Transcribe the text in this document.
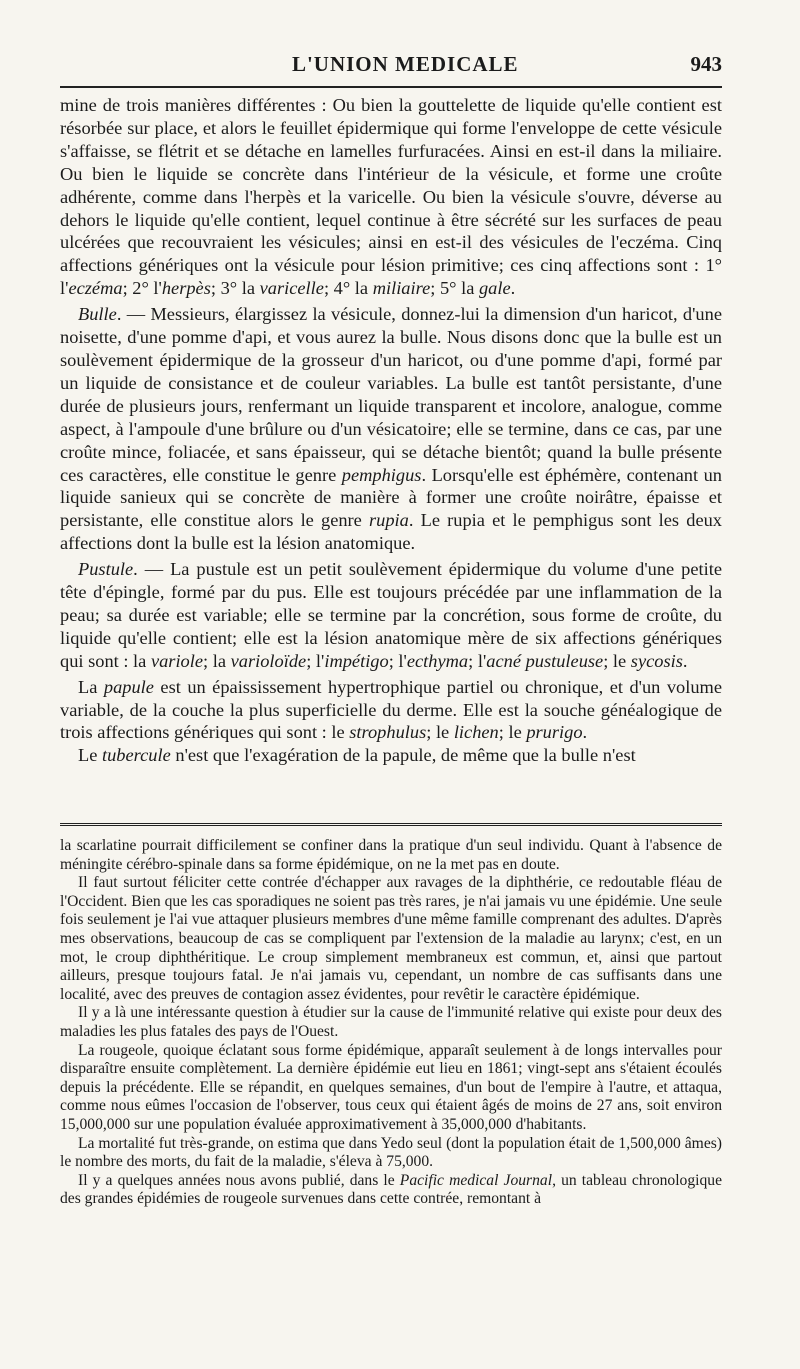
L'UNION MEDICALE	943

mine de trois manières différentes : Ou bien la gouttelette de liquide qu'elle contient est résorbée sur place, et alors le feuillet épidermique qui forme l'enveloppe de cette vésicule s'affaisse, se flétrit et se détache en lamelles furfuracées. Ainsi en est-il dans la miliaire. Ou bien le liquide se concrète dans l'intérieur de la vésicule, et forme une croûte adhérente, comme dans l'herpès et la varicelle. Ou bien la vésicule s'ouvre, déverse au dehors le liquide qu'elle contient, lequel continue à être sécrété sur les surfaces de peau ulcérées que recouvraient les vésicules; ainsi en est-il des vésicules de l'eczéma. Cinq affections génériques ont la vésicule pour lésion primitive; ces cinq affections sont : 1° l'eczéma; 2° l'herpès; 3° la varicelle; 4° la miliaire; 5° la gale.

Bulle. — Messieurs, élargissez la vésicule, donnez-lui la dimension d'un haricot, d'une noisette, d'une pomme d'api, et vous aurez la bulle. Nous disons donc que la bulle est un soulèvement épidermique de la grosseur d'un haricot, ou d'une pomme d'api, formé par un liquide de consistance et de couleur variables. La bulle est tantôt persistante, d'une durée de plusieurs jours, renfermant un liquide transparent et incolore, analogue, comme aspect, à l'ampoule d'une brûlure ou d'un vésicatoire; elle se termine, dans ce cas, par une croûte mince, foliacée, et sans épaisseur, qui se détache bientôt; quand la bulle présente ces caractères, elle constitue le genre pemphigus. Lorsqu'elle est éphémère, contenant un liquide sanieux qui se concrète de manière à former une croûte noirâtre, épaisse et persistante, elle constitue alors le genre rupia. Le rupia et le pemphigus sont les deux affections dont la bulle est la lésion anatomique.

Pustule. — La pustule est un petit soulèvement épidermique du volume d'une petite tête d'épingle, formé par du pus. Elle est toujours précédée par une inflammation de la peau; sa durée est variable; elle se termine par la concrétion, sous forme de croûte, du liquide qu'elle contient; elle est la lésion anatomique mère de six affections génériques qui sont : la variole; la varioloïde; l'impétigo; l'ecthyma; l'acné pustuleuse; le sycosis.

La papule est un épaississement hypertrophique partiel ou chronique, et d'un volume variable, de la couche la plus superficielle du derme. Elle est la souche généalogique de trois affections génériques qui sont : le strophulus; le lichen; le prurigo.

Le tubercule n'est que l'exagération de la papule, de même que la bulle n'est

la scarlatine pourrait difficilement se confiner dans la pratique d'un seul individu. Quant à l'absence de méningite cérébro-spinale dans sa forme épidémique, on ne la met pas en doute.

Il faut surtout féliciter cette contrée d'échapper aux ravages de la diphthérie, ce redoutable fléau de l'Occident. Bien que les cas sporadiques ne soient pas très rares, je n'ai jamais vu une épidémie. Une seule fois seulement je l'ai vue attaquer plusieurs membres d'une même famille comprenant des adultes. D'après mes observations, beaucoup de cas se compliquent par l'extension de la maladie au larynx; c'est, en un mot, le croup diphthéritique. Le croup simplement membraneux est commun, et, ainsi que partout ailleurs, presque toujours fatal. Je n'ai jamais vu, cependant, un nombre de cas suffisants dans une localité, avec des preuves de contagion assez évidentes, pour revêtir le caractère épidémique.

Il y a là une intéressante question à étudier sur la cause de l'immunité relative qui existe pour deux des maladies les plus fatales des pays de l'Ouest.

La rougeole, quoique éclatant sous forme épidémique, apparaît seulement à de longs intervalles pour disparaître ensuite complètement. La dernière épidémie eut lieu en 1861; vingt-sept ans s'étaient écoulés depuis la précédente. Elle se répandit, en quelques semaines, d'un bout de l'empire à l'autre, et attaqua, comme nous eûmes l'occasion de l'observer, tous ceux qui étaient âgés de moins de 27 ans, soit environ 15,000,000 sur une population évaluée approximativement à 35,000,000 d'habitants.

La mortalité fut très-grande, on estima que dans Yedo seul (dont la population était de 1,500,000 âmes) le nombre des morts, du fait de la maladie, s'éleva à 75,000.

Il y a quelques années nous avons publié, dans le Pacific medical Journal, un tableau chronologique des grandes épidémies de rougeole survenues dans cette contrée, remontant à
